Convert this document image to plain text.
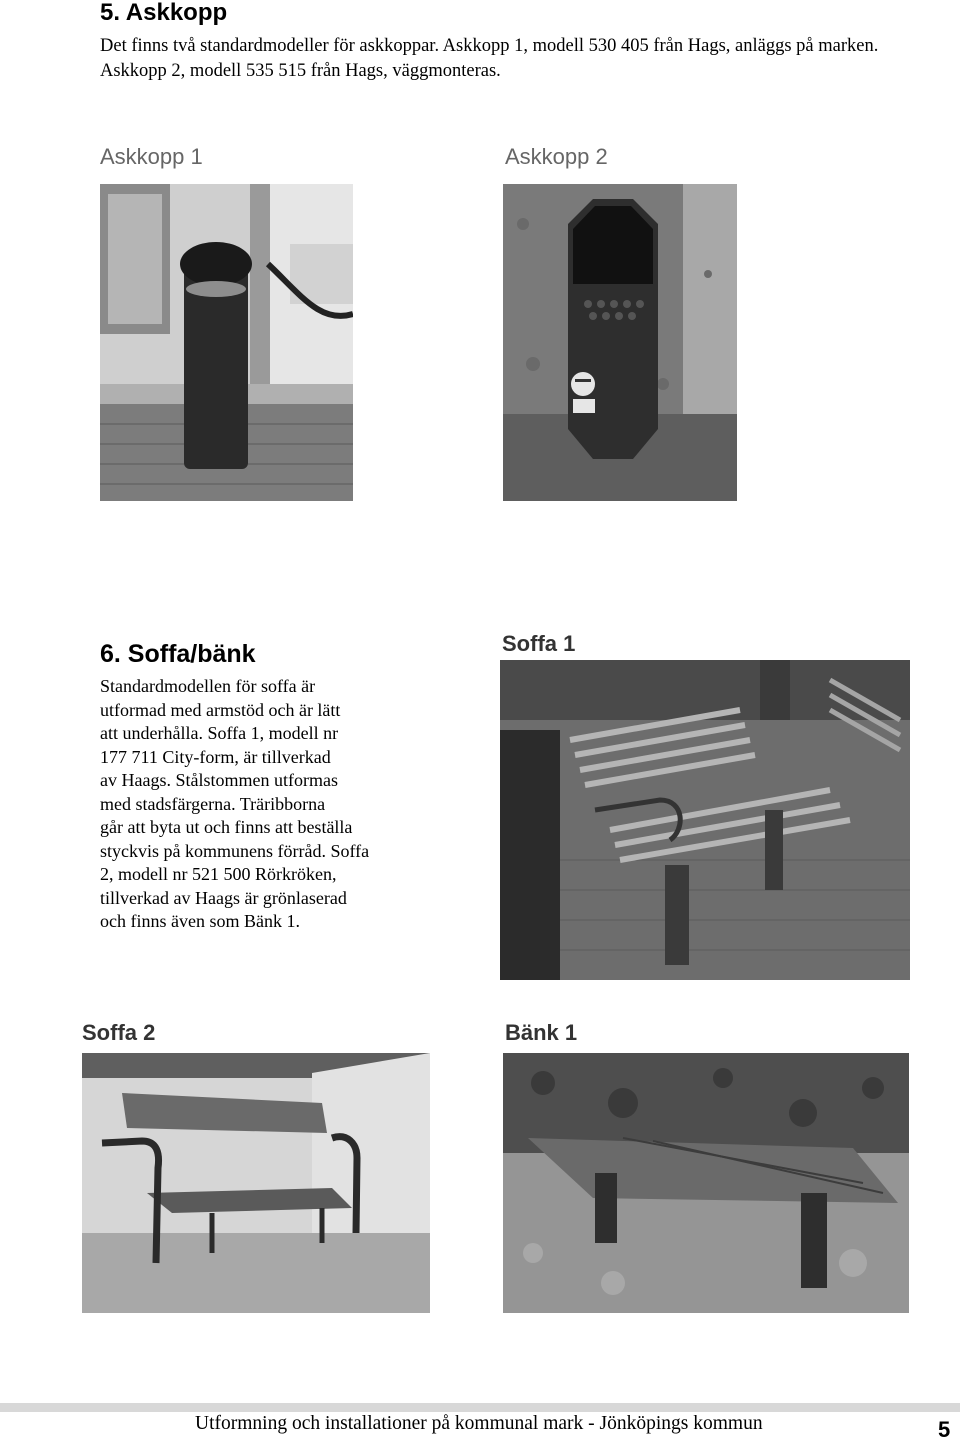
5. Askkopp
Det finns två standardmodeller för askkoppar. Askkopp 1, modell 530 405 från Hags, anläggs på marken. Askkopp 2, modell 535 515 från Hags, väggmonteras.
Askkopp 1	Askkopp 2
6. Soffa/bänk
Standardmodellen för soffa är
utformad med armstöd och är lätt
att underhålla. Soffa 1, modell nr
177 711 City-form, är tillverkad
av Haags. Stålstommen utformas
med stadsfärgerna. Träribborna
går att byta ut och finns att beställa
styckvis på kommunens förråd. Soffa
2, modell nr 521 500 Rörkröken,
tillverkad av Haags är grönlaserad
och finns även som Bänk 1.
Soffa 1
Soffa 2	Bänk 1
Utformning och installationer på kommunal mark - Jönköpings kommun	5
